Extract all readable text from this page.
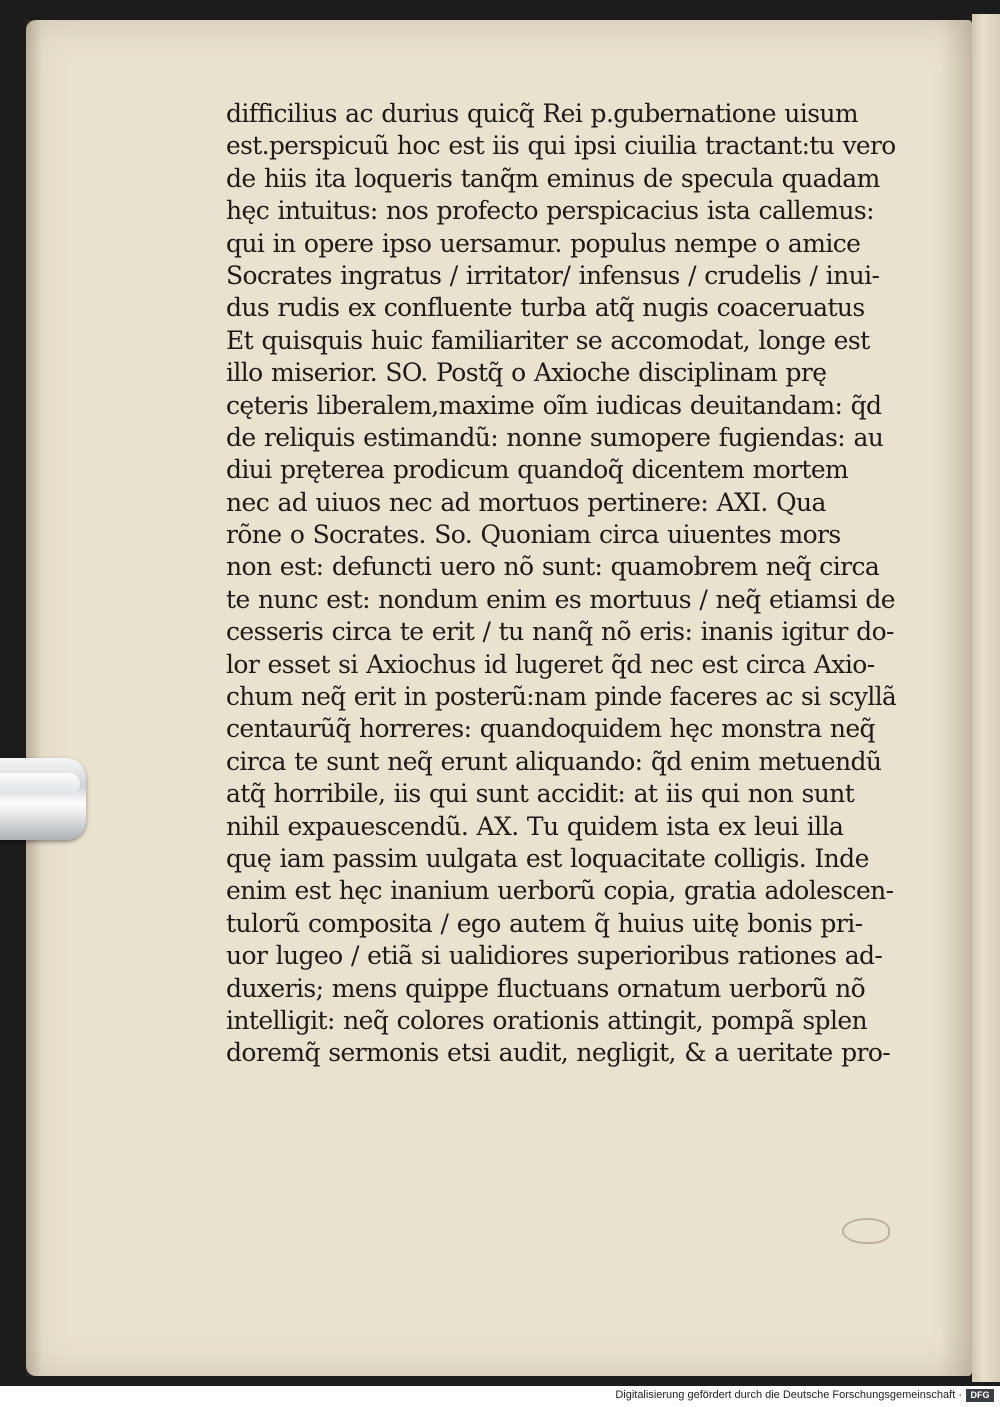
difficilius ac durius quicq̃ Rei p.gubernatione uisum
est.perspicuũ hoc est iis qui ipsi ciuilia tractant:tu vero
de hiis ita loqueris tanq̃m eminus de specula quadam
hęc intuitus: nos profecto perspicacius ista callemus:
qui in opere ipso uersamur. populus nempe o amice
Socrates ingratus / irritator/ infensus / crudelis / inui-
dus rudis ex confluente turba atq̃ nugis coaceruatus
Et quisquis huic familiariter se accomodat, longe est
illo miserior. SO. Postq̃ o Axioche disciplinam prę
cęteris liberalem,maxime oĩm iudicas deuitandam: q̃d
de reliquis estimandũ: nonne sumopere fugiendas: au
diui pręterea prodicum quandoq̃ dicentem mortem
nec ad uiuos nec ad mortuos pertinere: AXI. Qua
rõne o Socrates. So. Quoniam circa uiuentes mors
non est: defuncti uero nõ sunt: quamobrem neq̃ circa
te nunc est: nondum enim es mortuus / neq̃ etiamsi de
cesseris circa te erit / tu nanq̃ nõ eris: inanis igitur do-
lor esset si Axiochus id lugeret q̃d nec est circa Axio-
chum neq̃ erit in posterũ:nam pinde faceres ac si scyllã
centaurũq̃ horreres: quandoquidem hęc monstra neq̃
circa te sunt neq̃ erunt aliquando: q̃d enim metuendũ
atq̃ horribile, iis qui sunt accidit: at iis qui non sunt
nihil expauescendũ. AX. Tu quidem ista ex leui illa
quę iam passim uulgata est loquacitate colligis. Inde
enim est hęc inanium uerborũ copia, gratia adolescen-
tulorũ composita / ego autem q̃ huius uitę bonis pri-
uor lugeo / etiã si ualidiores superioribus rationes ad-
duxeris; mens quippe fluctuans ornatum uerborũ nõ
intelligit: neq̃ colores orationis attingit, pompã splen
doremq̃ sermonis etsi audit, negligit, & a ueritate pro-
Digitalisierung gefördert durch die Deutsche Forschungsgemeinschaft · DFG
